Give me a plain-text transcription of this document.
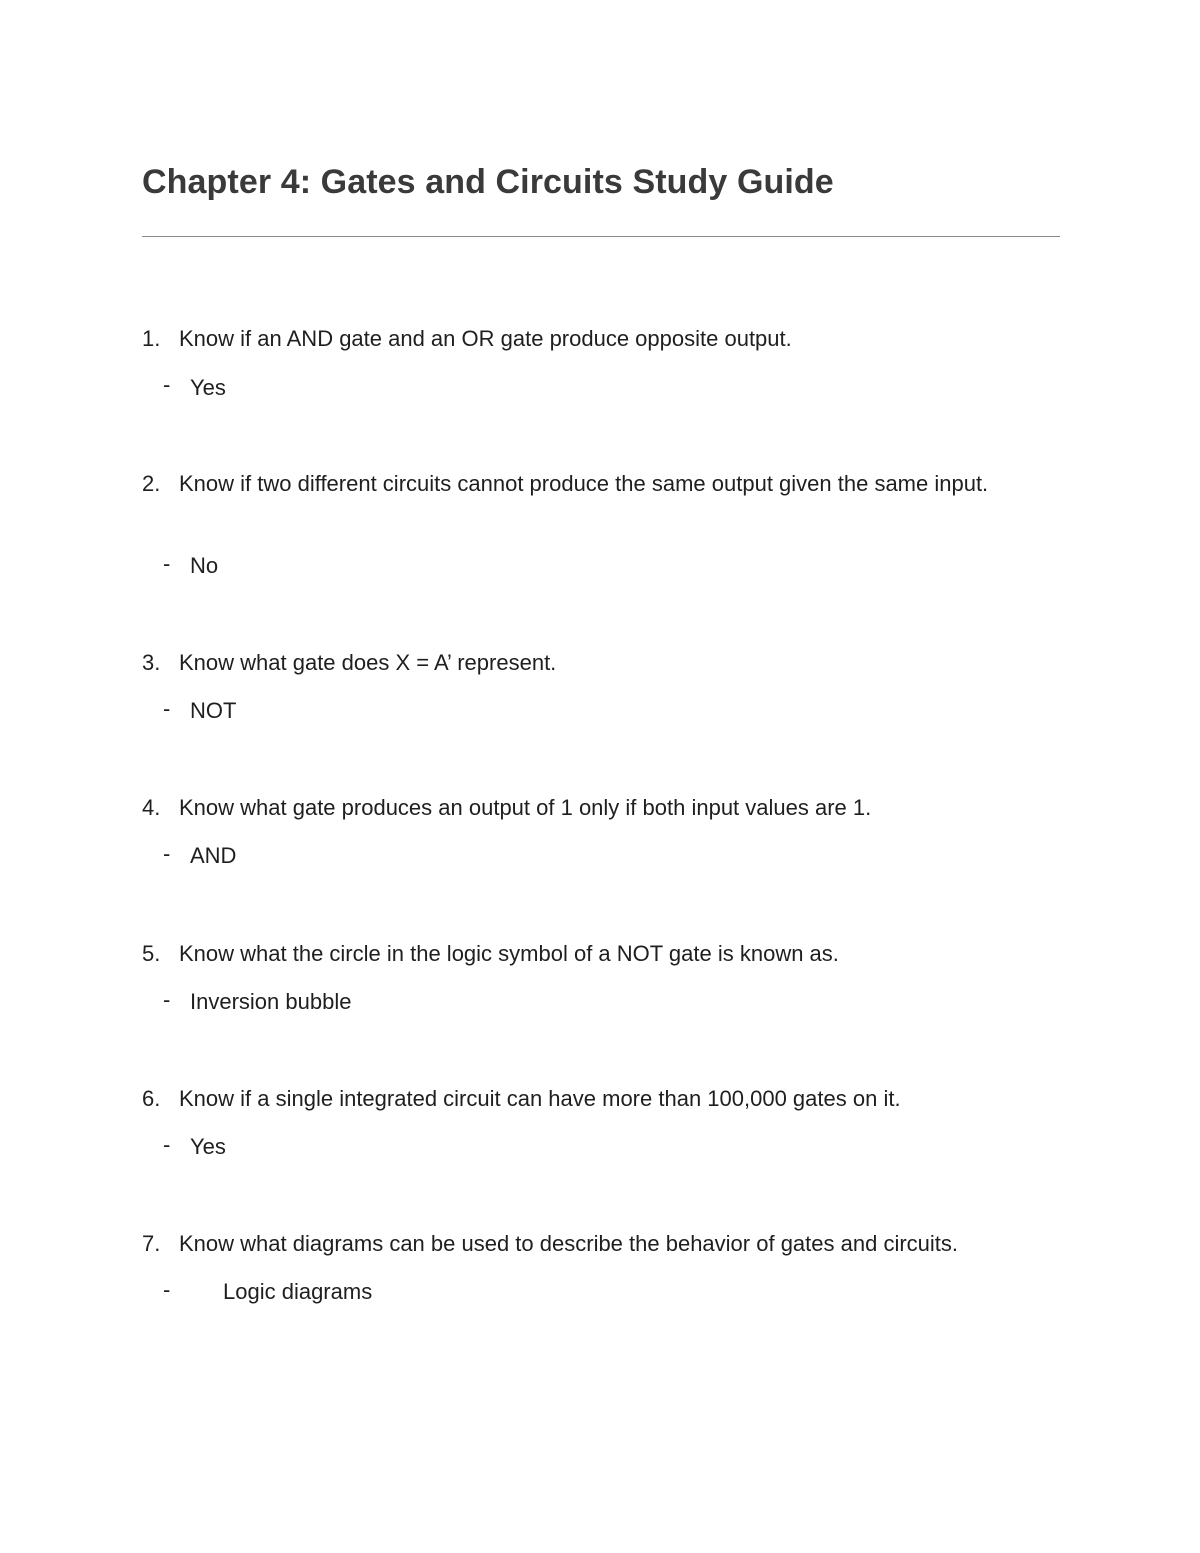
Chapter 4: Gates and Circuits Study Guide
1. Know if an AND gate and an OR gate produce opposite output.
- Yes
2. Know if two different circuits cannot produce the same output given the same input.
- No
3. Know what gate does X = A’ represent.
- NOT
4. Know what gate produces an output of 1 only if both input values are 1.
- AND
5. Know what the circle in the logic symbol of a NOT gate is known as.
- Inversion bubble
6. Know if a single integrated circuit can have more than 100,000 gates on it.
- Yes
7. Know what diagrams can be used to describe the behavior of gates and circuits.
- Logic diagrams
